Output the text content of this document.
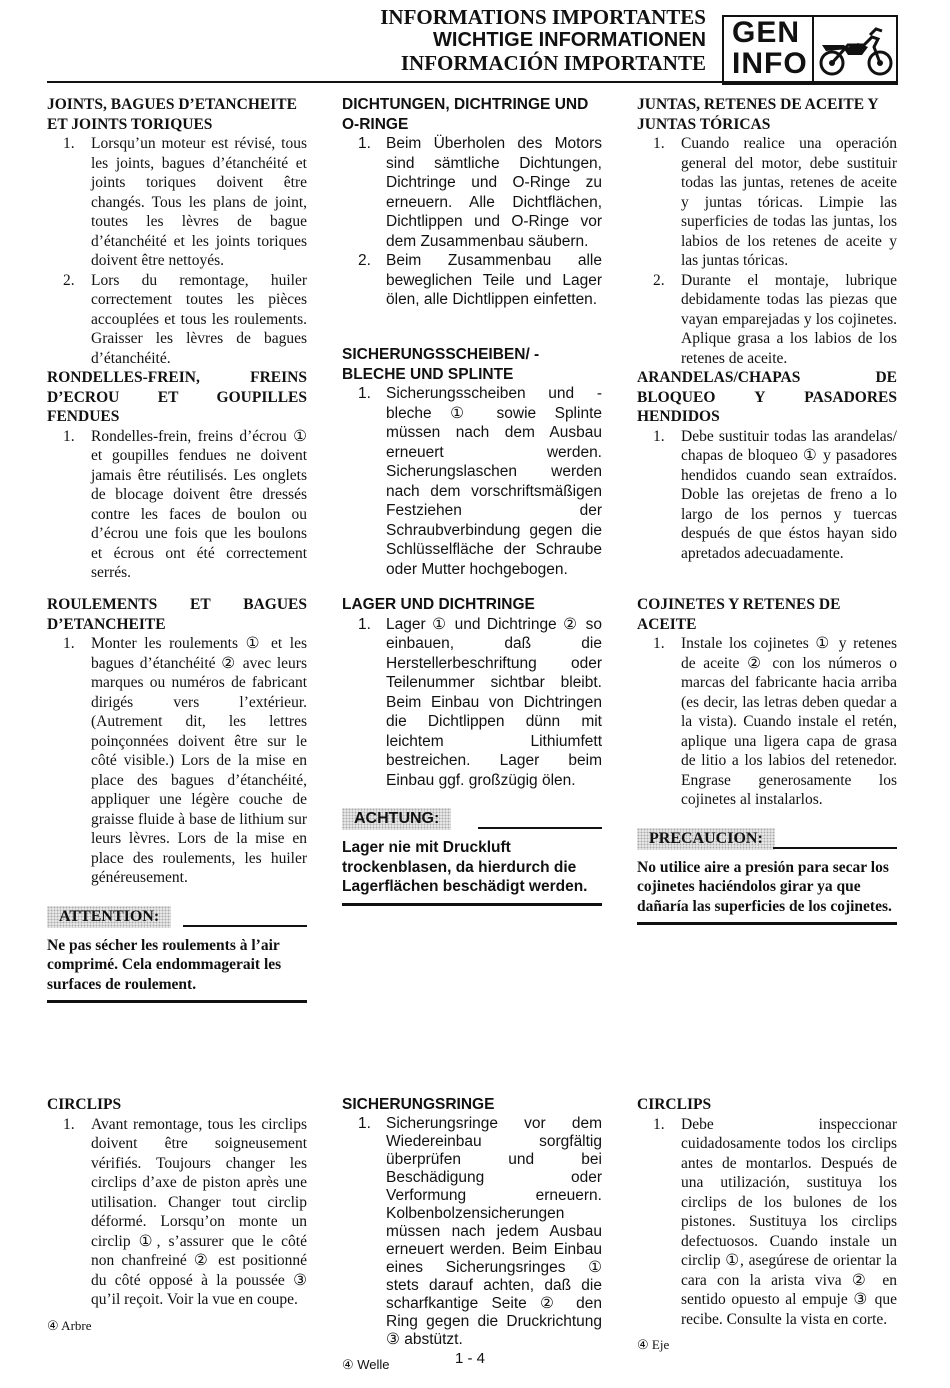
INFORMATIONS IMPORTANTES
WICHTIGE INFORMATIONEN
INFORMACIÓN IMPORTANTE
GEN
INFO

JOINTS, BAGUES D’ETANCHEITE ET JOINTS TORIQUES

1. Lorsqu’un moteur est révisé, tous les joints, bagues d’étanchéité et joints toriques doivent être changés. Tous les plans de joint, toutes les lèvres de bague d’étanchéité et les joints toriques doivent être nettoyés.
2. Lors du remontage, huiler correctement toutes les pièces accouplées et tous les roulements. Graisser les lèvres de bagues d’étanchéité.

RONDELLES-FREIN, FREINS D’ECROU ET GOUPILLES FENDUES

1. Rondelles-frein, freins d’écrou ① et goupilles fendues ne doivent jamais être réutilisés. Les onglets de blocage doivent être dressés contre les faces de boulon ou d’écrou une fois que les boulons et écrous ont été correctement serrés.

ROULEMENTS ET BAGUES D’ETANCHEITE

1. Monter les roulements ① et les bagues d’étanchéité ② avec leurs marques ou numéros de fabricant dirigés vers l’extérieur. (Autrement dit, les lettres poinçonnées doivent être sur le côté visible.) Lors de la mise en place des bagues d’étanchéité, appliquer une légère couche de graisse fluide à base de lithium sur leurs lèvres. Lors de la mise en place des roulements, les huiler généreusement.
ATTENTION:
Ne pas sécher les roulements à l’air comprimé. Cela endommagerait les surfaces de roulement.

CIRCLIPS

1. Avant remontage, tous les circlips doivent être soigneusement vérifiés. Toujours changer les circlips d’axe de piston après une utilisation. Changer tout circlip déformé. Lorsqu’on monte un circlip ①, s’assurer que le côté non chanfreiné ② est positionné du côté opposé à la poussée ③ qu’il reçoit. Voir la vue en coupe.
④ Arbre

DICHTUNGEN, DICHTRINGE UND O-RINGE

1. Beim Überholen des Motors sind sämtliche Dichtungen, Dichtringe und O-Ringe zu erneuern. Alle Dichtflächen, Dichtlippen und O-Ringe vor dem Zusammenbau säubern.
2. Beim Zusammenbau alle beweglichen Teile und Lager ölen, alle Dichtlippen einfetten.

SICHERUNGSSCHEIBEN/ -BLECHE UND SPLINTE

1. Sicherungsscheiben und -bleche ① sowie Splinte müssen nach dem Ausbau erneuert werden. Sicherungslaschen werden nach dem vorschriftsmäßigen Festziehen der Schraubverbindung gegen die Schlüsselfläche der Schraube oder Mutter hochgebogen.

LAGER UND DICHTRINGE

1. Lager ① und Dichtringe ② so einbauen, daß die Herstellerbeschriftung oder Teilenummer sichtbar bleibt. Beim Einbau von Dichtringen die Dichtlippen dünn mit leichtem Lithiumfett bestreichen. Lager beim Einbau ggf. großzügig ölen.
ACHTUNG:
Lager nie mit Druckluft trockenblasen, da hierdurch die Lagerflächen beschädigt werden.

SICHERUNGSRINGE

1. Sicherungsringe vor dem Wiedereinbau sorgfältig überprüfen und bei Beschädigung oder Verformung erneuern. Kolbenbolzensicherungen müssen nach jedem Ausbau erneuert werden. Beim Einbau eines Sicherungsringes ① stets darauf achten, daß die scharfkantige Seite ② den Ring gegen die Druckrichtung ③ abstützt.
④ Welle

JUNTAS, RETENES DE ACEITE Y JUNTAS TÓRICAS

1. Cuando realice una operación general del motor, debe sustituir todas las juntas, retenes de aceite y juntas tóricas. Limpie las superficies de todas las juntas, los labios de los retenes de aceite y las juntas tóricas.
2. Durante el montaje, lubrique debidamente todas las piezas que vayan emparejadas y los cojinetes. Aplique grasa a los labios de los retenes de aceite.

ARANDELAS/CHAPAS DE BLOQUEO Y PASADORES HENDIDOS

1. Debe sustituir todas las arandelas/ chapas de bloqueo ① y pasadores hendidos cuando sean extraídos. Doble las orejetas de freno a lo largo de los pernos y tuercas después de que éstos hayan sido apretados adecuadamente.

COJINETES Y RETENES DE ACEITE

1. Instale los cojinetes ① y retenes de aceite ② con los números o marcas del fabricante hacia arriba (es decir, las letras deben quedar a la vista). Cuando instale el retén, aplique una ligera capa de grasa de litio a los labios del retenedor. Engrase generosamente los cojinetes al instalarlos.
PRECAUCION:
No utilice aire a presión para secar los cojinetes haciéndolos girar ya que dañaría las superficies de los cojinetes.

CIRCLIPS

1. Debe inspeccionar cuidadosamente todos los circlips antes de montarlos. Después de una utilización, sustituya los circlips de los bulones de los pistones. Sustituya los circlips defectuosos. Cuando instale un circlip ①, asegúrese de orientar la cara con la arista viva ② en sentido opuesto al empuje ③ que recibe. Consulte la vista en corte.
④ Eje
1 - 4
